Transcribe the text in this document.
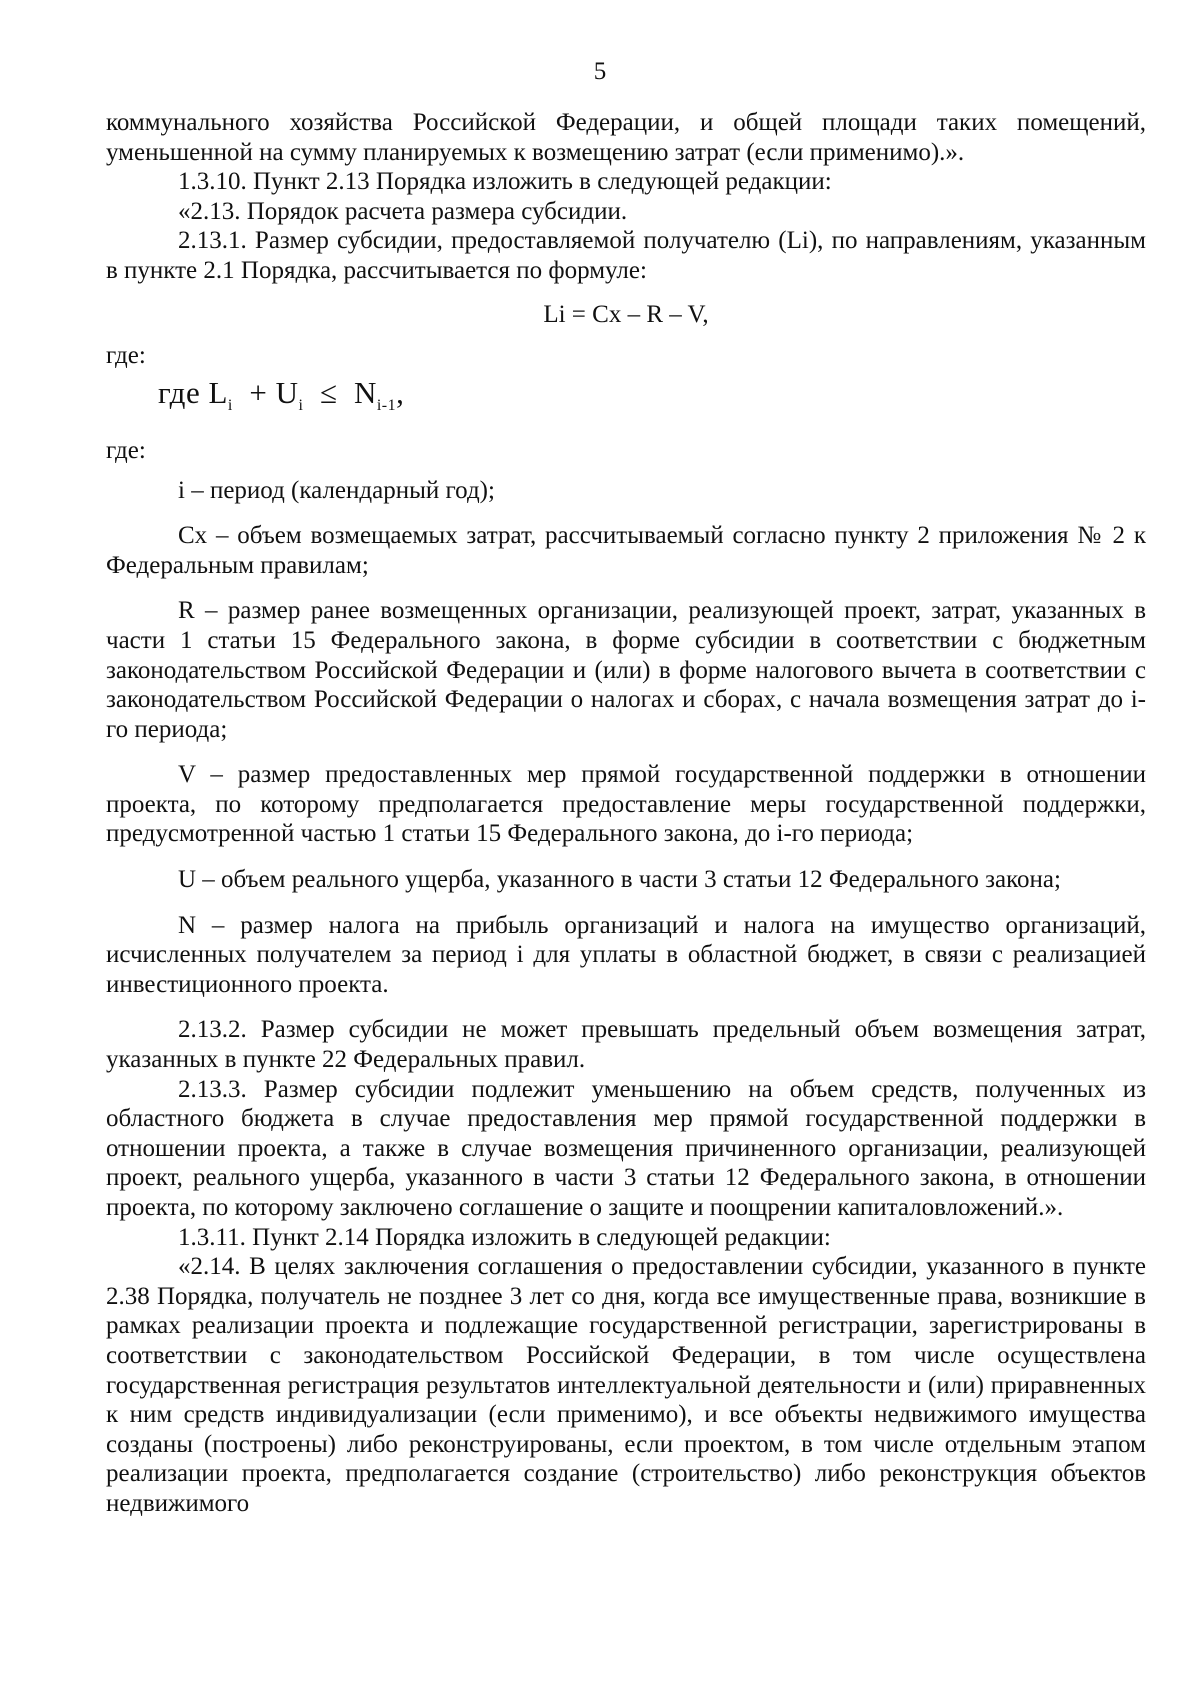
5

коммунального хозяйства Российской Федерации, и общей площади таких помещений, уменьшенной на сумму планируемых к возмещению затрат (если применимо).».

1.3.10. Пункт 2.13 Порядка изложить в следующей редакции:

«2.13. Порядок расчета размера субсидии.

2.13.1. Размер субсидии, предоставляемой получателю (Li), по направлениям, указанным в пункте 2.1 Порядка, рассчитывается по формуле:

Li = Cx – R – V,

где:

где $L_i + U_i \le N_{i-1}$,

где:

i – период (календарный год);

Cx – объем возмещаемых затрат, рассчитываемый согласно пункту 2 приложения № 2 к Федеральным правилам;

R – размер ранее возмещенных организации, реализующей проект, затрат, указанных в части 1 статьи 15 Федерального закона, в форме субсидии в соответствии с бюджетным законодательством Российской Федерации и (или) в форме налогового вычета в соответствии с законодательством Российской Федерации о налогах и сборах, с начала возмещения затрат до i-го периода;

V – размер предоставленных мер прямой государственной поддержки в отношении проекта, по которому предполагается предоставление меры государственной поддержки, предусмотренной частью 1 статьи 15 Федерального закона, до i-го периода;

U – объем реального ущерба, указанного в части 3 статьи 12 Федерального закона;

N – размер налога на прибыль организаций и налога на имущество организаций, исчисленных получателем за период i для уплаты в областной бюджет, в связи с реализацией инвестиционного проекта.

2.13.2. Размер субсидии не может превышать предельный объем возмещения затрат, указанных в пункте 22 Федеральных правил.

2.13.3. Размер субсидии подлежит уменьшению на объем средств, полученных из областного бюджета в случае предоставления мер прямой государственной поддержки в отношении проекта, а также в случае возмещения причиненного организации, реализующей проект, реального ущерба, указанного в части 3 статьи 12 Федерального закона, в отношении проекта, по которому заключено соглашение о защите и поощрении капиталовложений.».

1.3.11. Пункт 2.14 Порядка изложить в следующей редакции:

«2.14. В целях заключения соглашения о предоставлении субсидии, указанного в пункте 2.38 Порядка, получатель не позднее 3 лет со дня, когда все имущественные права, возникшие в рамках реализации проекта и подлежащие государственной регистрации, зарегистрированы в соответствии с законодательством Российской Федерации, в том числе осуществлена государственная регистрация результатов интеллектуальной деятельности и (или) приравненных к ним средств индивидуализации (если применимо), и все объекты недвижимого имущества созданы (построены) либо реконструированы, если проектом, в том числе отдельным этапом реализации проекта, предполагается создание (строительство) либо реконструкция объектов недвижимого
